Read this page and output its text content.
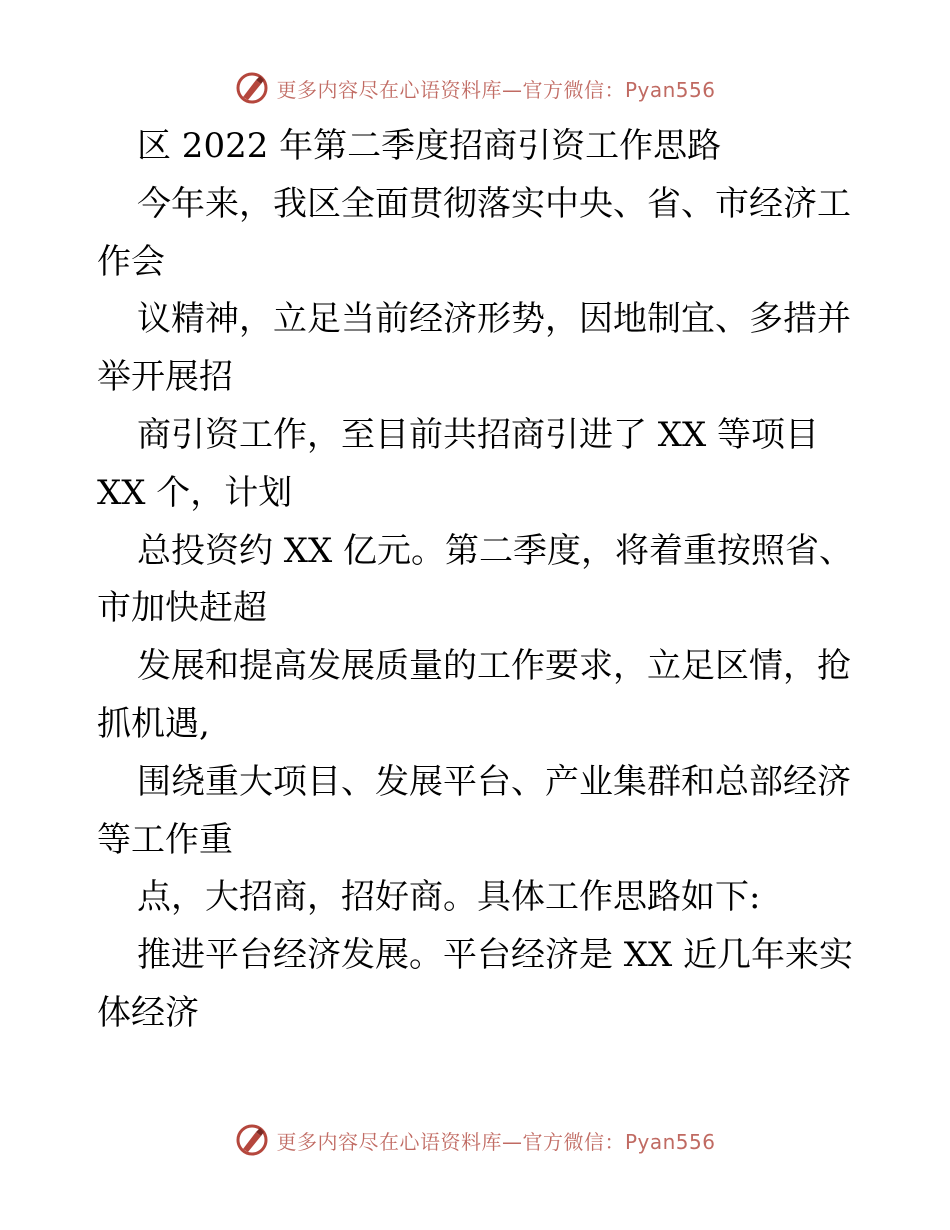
更多内容尽在心语资料库—官方微信：Pyan556
区 2022 年第二季度招商引资工作思路
今年来，我区全面贯彻落实中央、省、市经济工
作会
议精神，立足当前经济形势，因地制宜、多措并
举开展招
商引资工作，至目前共招商引进了 XX 等项目
XX 个，计划
总投资约 XX 亿元。第二季度，将着重按照省、
市加快赶超
发展和提高发展质量的工作要求，立足区情，抢
抓机遇,
围绕重大项目、发展平台、产业集群和总部经济
等工作重
点，大招商，招好商。具体工作思路如下:
推进平台经济发展。平台经济是 XX 近几年来实
体经济
更多内容尽在心语资料库—官方微信：Pyan556
